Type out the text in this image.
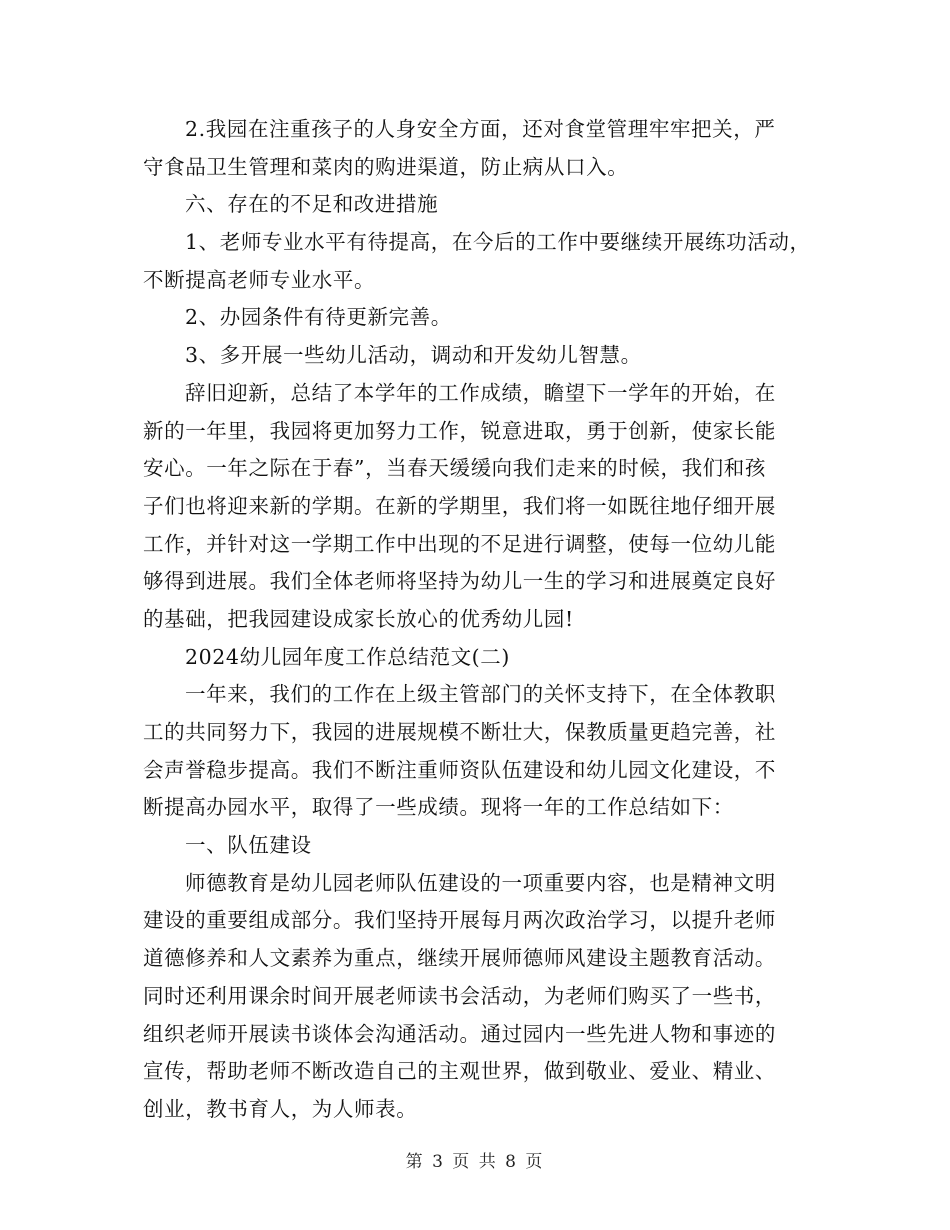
2.我园在注重孩子的人身安全方面，还对食堂管理牢牢把关，严
守食品卫生管理和菜肉的购进渠道，防止病从口入。
六、存在的不足和改进措施
1、老师专业水平有待提高，在今后的工作中要继续开展练功活动，
不断提高老师专业水平。
2、办园条件有待更新完善。
3、多开展一些幼儿活动，调动和开发幼儿智慧。
辞旧迎新，总结了本学年的工作成绩，瞻望下一学年的开始，在
新的一年里，我园将更加努力工作，锐意进取，勇于创新，使家长能
安心。一年之际在于春”，当春天缓缓向我们走来的时候，我们和孩
子们也将迎来新的学期。在新的学期里，我们将一如既往地仔细开展
工作，并针对这一学期工作中出现的不足进行调整，使每一位幼儿能
够得到进展。我们全体老师将坚持为幼儿一生的学习和进展奠定良好
的基础，把我园建设成家长放心的优秀幼儿园!
2024幼儿园年度工作总结范文(二)
一年来，我们的工作在上级主管部门的关怀支持下，在全体教职
工的共同努力下，我园的进展规模不断壮大，保教质量更趋完善，社
会声誉稳步提高。我们不断注重师资队伍建设和幼儿园文化建设，不
断提高办园水平，取得了一些成绩。现将一年的工作总结如下：
一、队伍建设
师德教育是幼儿园老师队伍建设的一项重要内容，也是精神文明
建设的重要组成部分。我们坚持开展每月两次政治学习，以提升老师
道德修养和人文素养为重点，继续开展师德师风建设主题教育活动。
同时还利用课余时间开展老师读书会活动，为老师们购买了一些书，
组织老师开展读书谈体会沟通活动。通过园内一些先进人物和事迹的
宣传，帮助老师不断改造自己的主观世界，做到敬业、爱业、精业、
创业，教书育人，为人师表。
第 3 页 共 8 页
